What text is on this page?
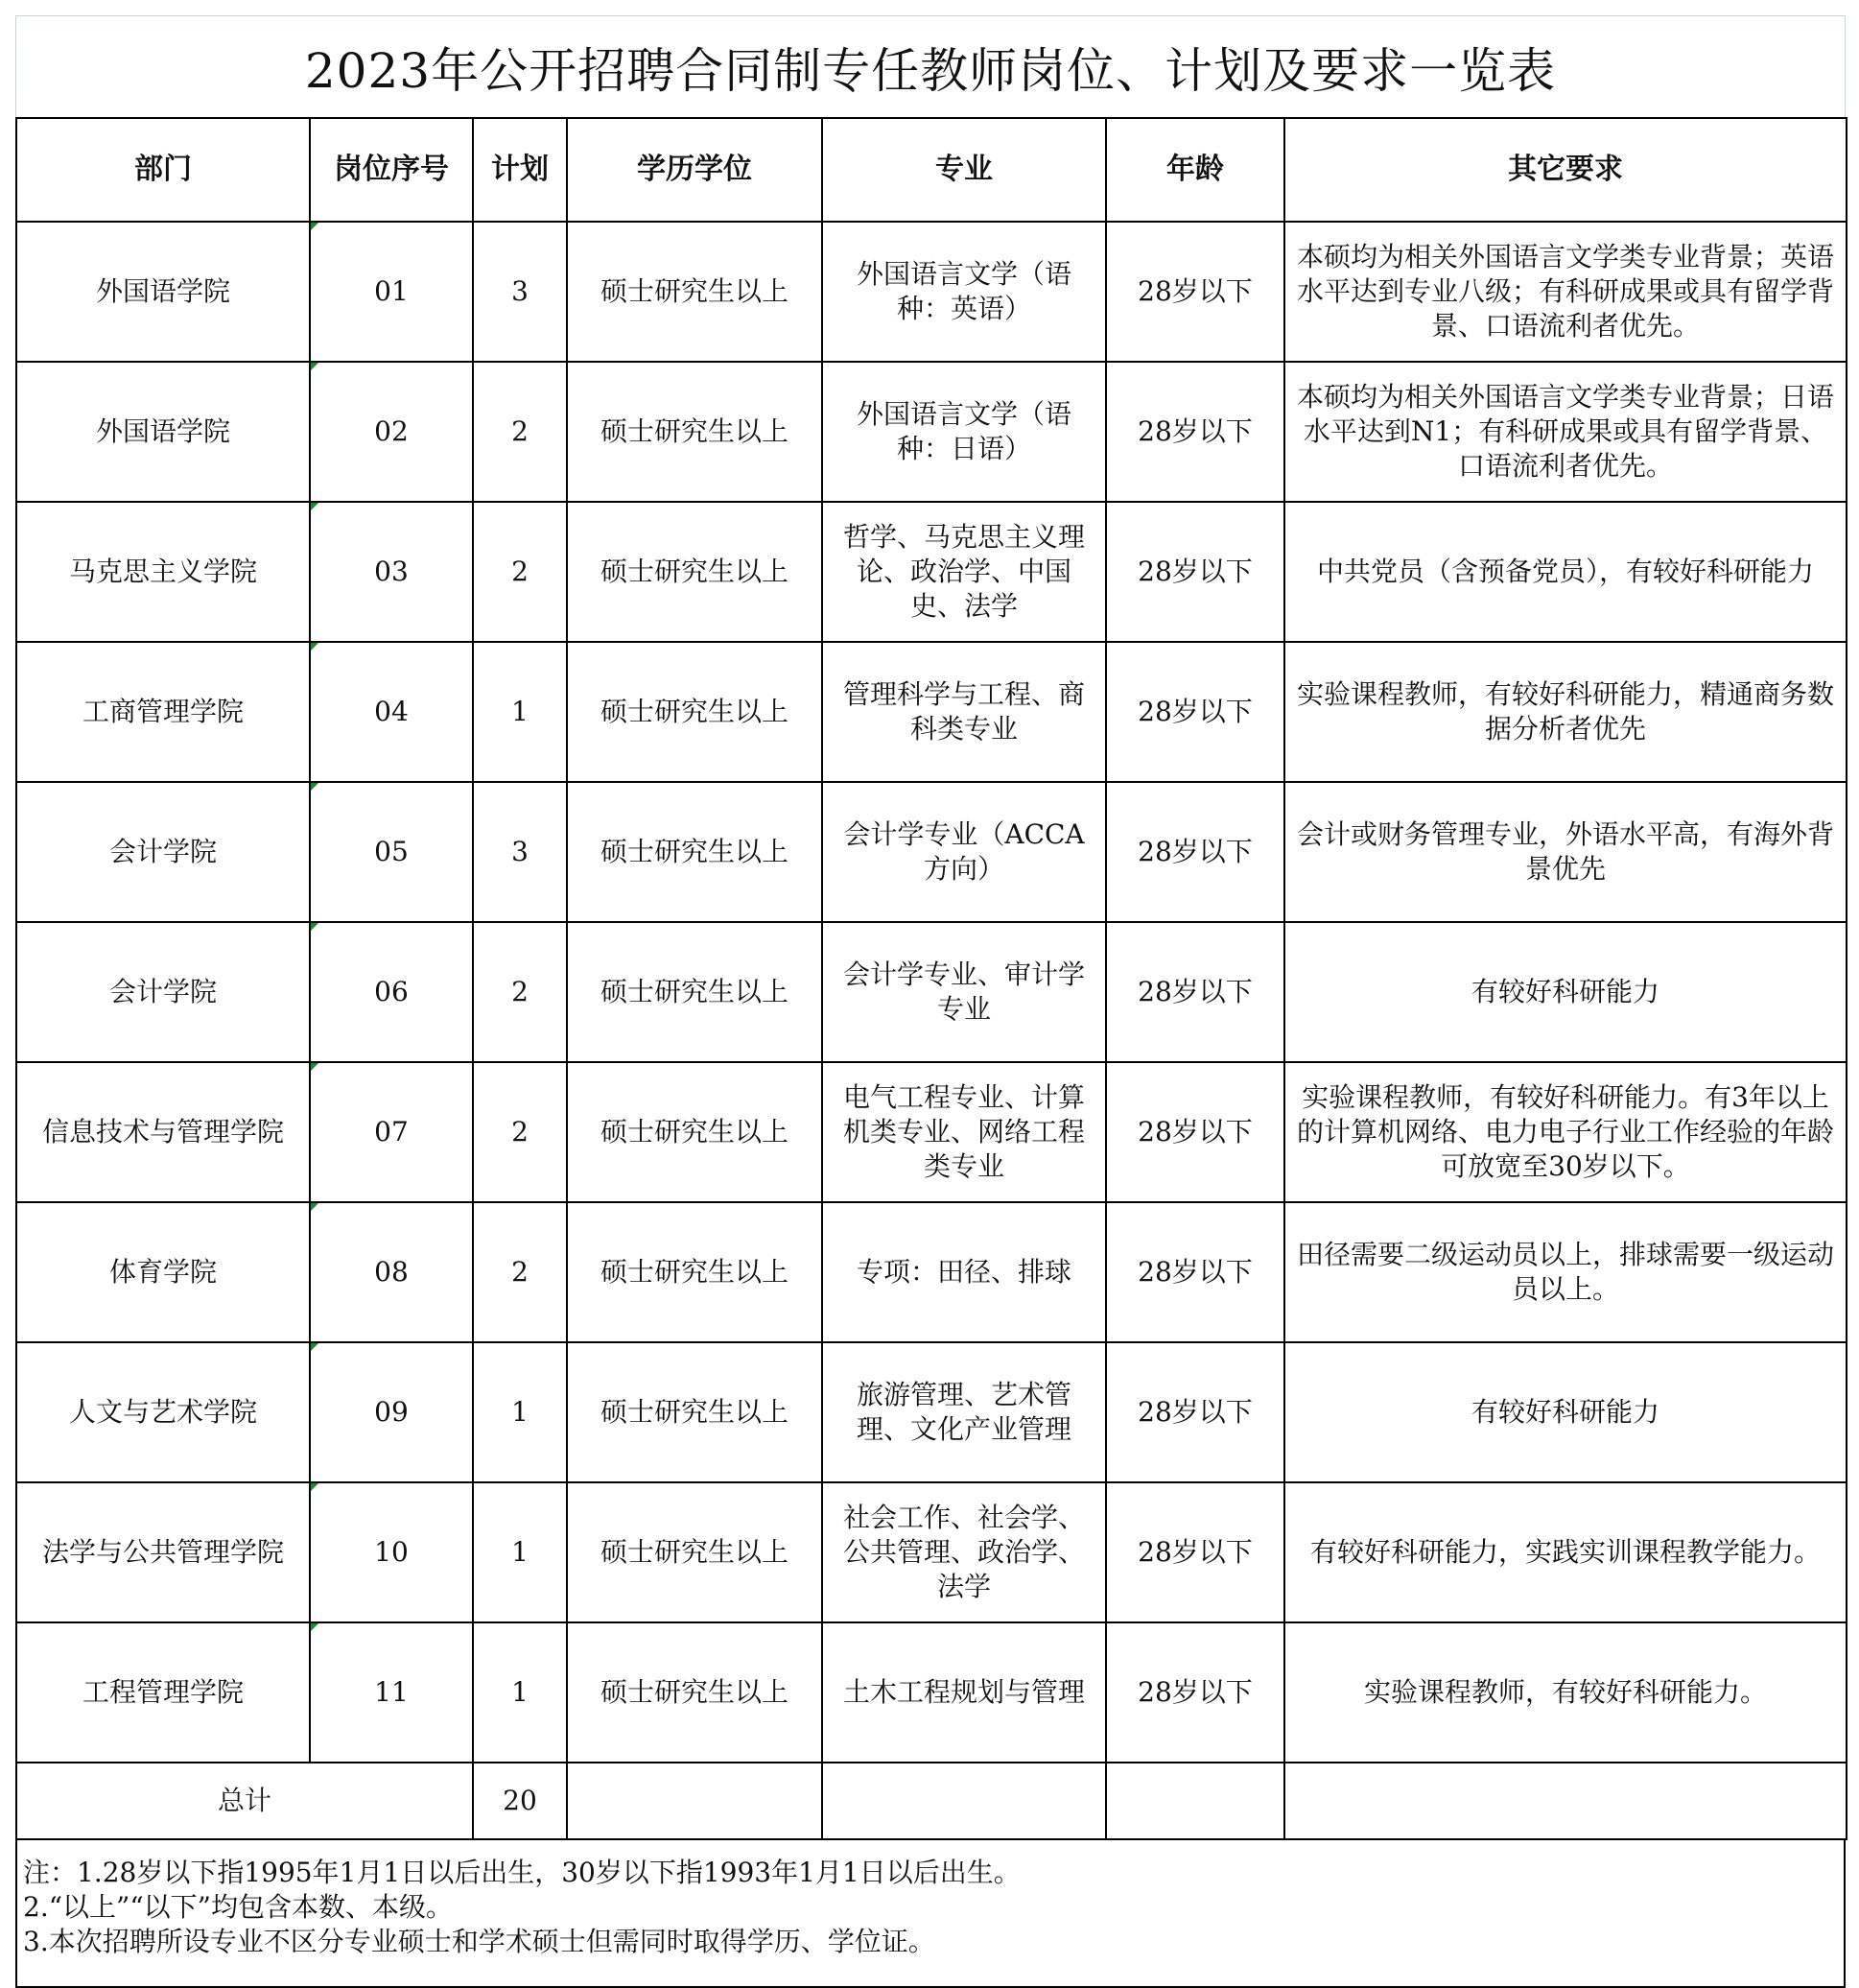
2023年公开招聘合同制专任教师岗位、计划及要求一览表
部门	岗位序号	计划	学历学位	专业	年龄	其它要求
外国语学院	01	3	硕士研究生以上	外国语言文学（语种：英语）	28岁以下	本硕均为相关外国语言文学类专业背景；英语水平达到专业八级；有科研成果或具有留学背景、口语流利者优先。
外国语学院	02	2	硕士研究生以上	外国语言文学（语种：日语）	28岁以下	本硕均为相关外国语言文学类专业背景；日语水平达到N1；有科研成果或具有留学背景、口语流利者优先。
马克思主义学院	03	2	硕士研究生以上	哲学、马克思主义理论、政治学、中国史、法学	28岁以下	中共党员（含预备党员），有较好科研能力
工商管理学院	04	1	硕士研究生以上	管理科学与工程、商科类专业	28岁以下	实验课程教师，有较好科研能力，精通商务数据分析者优先
会计学院	05	3	硕士研究生以上	会计学专业（ACCA方向）	28岁以下	会计或财务管理专业，外语水平高，有海外背景优先
会计学院	06	2	硕士研究生以上	会计学专业、审计学专业	28岁以下	有较好科研能力
信息技术与管理学院	07	2	硕士研究生以上	电气工程专业、计算机类专业、网络工程类专业	28岁以下	实验课程教师，有较好科研能力。有3年以上的计算机网络、电力电子行业工作经验的年龄可放宽至30岁以下。
体育学院	08	2	硕士研究生以上	专项：田径、排球	28岁以下	田径需要二级运动员以上，排球需要一级运动员以上。
人文与艺术学院	09	1	硕士研究生以上	旅游管理、艺术管理、文化产业管理	28岁以下	有较好科研能力
法学与公共管理学院	10	1	硕士研究生以上	社会工作、社会学、公共管理、政治学、法学	28岁以下	有较好科研能力，实践实训课程教学能力。
工程管理学院	11	1	硕士研究生以上	土木工程规划与管理	28岁以下	实验课程教师，有较好科研能力。
总计		20				
注：1.28岁以下指1995年1月1日以后出生，30岁以下指1993年1月1日以后出生。
2.“以上”“以下”均包含本数、本级。
3.本次招聘所设专业不区分专业硕士和学术硕士但需同时取得学历、学位证。
